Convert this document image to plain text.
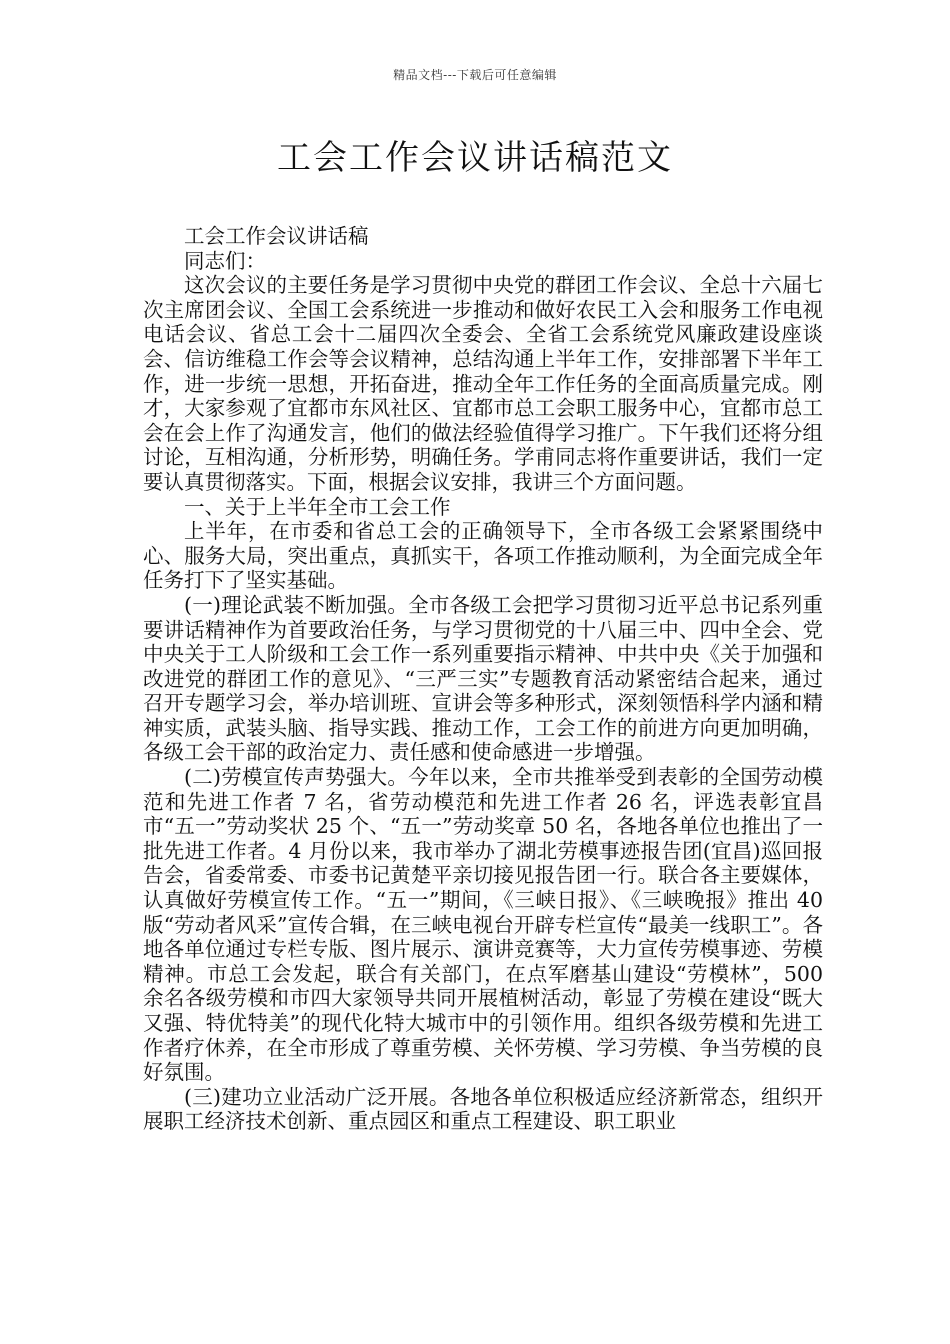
精品文档---下载后可任意编辑
工会工作会议讲话稿范文

工会工作会议讲话稿

同志们：

这次会议的主要任务是学习贯彻中央党的群团工作会议、全总十六届七次主席团会议、全国工会系统进一步推动和做好农民工入会和服务工作电视电话会议、省总工会十二届四次全委会、全省工会系统党风廉政建设座谈会、信访维稳工作会等会议精神，总结沟通上半年工作，安排部署下半年工作，进一步统一思想，开拓奋进，推动全年工作任务的全面高质量完成。刚才，大家参观了宜都市东风社区、宜都市总工会职工服务中心，宜都市总工会在会上作了沟通发言，他们的做法经验值得学习推广。下午我们还将分组讨论，互相沟通，分析形势，明确任务。学甫同志将作重要讲话，我们一定要认真贯彻落实。下面，根据会议安排，我讲三个方面问题。

一、关于上半年全市工会工作

上半年，在市委和省总工会的正确领导下，全市各级工会紧紧围绕中心、服务大局，突出重点，真抓实干，各项工作推动顺利，为全面完成全年任务打下了坚实基础。

(一)理论武装不断加强。全市各级工会把学习贯彻习近平总书记系列重要讲话精神作为首要政治任务，与学习贯彻党的十八届三中、四中全会、党中央关于工人阶级和工会工作一系列重要指示精神、中共中央《关于加强和改进党的群团工作的意见》、“三严三实”专题教育活动紧密结合起来，通过召开专题学习会，举办培训班、宣讲会等多种形式，深刻领悟科学内涵和精神实质，武装头脑、指导实践、推动工作，工会工作的前进方向更加明确，各级工会干部的政治定力、责任感和使命感进一步增强。

(二)劳模宣传声势强大。今年以来，全市共推举受到表彰的全国劳动模范和先进工作者 7 名，省劳动模范和先进工作者 26 名，评选表彰宜昌市“五一”劳动奖状 25 个、“五一”劳动奖章 50 名，各地各单位也推出了一批先进工作者。4 月份以来，我市举办了湖北劳模事迹报告团(宜昌)巡回报告会，省委常委、市委书记黄楚平亲切接见报告团一行。联合各主要媒体，认真做好劳模宣传工作。“五一”期间，《三峡日报》、《三峡晚报》推出 40 版“劳动者风采”宣传合辑，在三峡电视台开辟专栏宣传“最美一线职工”。各地各单位通过专栏专版、图片展示、演讲竞赛等，大力宣传劳模事迹、劳模精神。市总工会发起，联合有关部门，在点军磨基山建设“劳模林”，500 余名各级劳模和市四大家领导共同开展植树活动，彰显了劳模在建设“既大又强、特优特美”的现代化特大城市中的引领作用。组织各级劳模和先进工作者疗休养，在全市形成了尊重劳模、关怀劳模、学习劳模、争当劳模的良好氛围。

(三)建功立业活动广泛开展。各地各单位积极适应经济新常态，组织开展职工经济技术创新、重点园区和重点工程建设、职工职业
